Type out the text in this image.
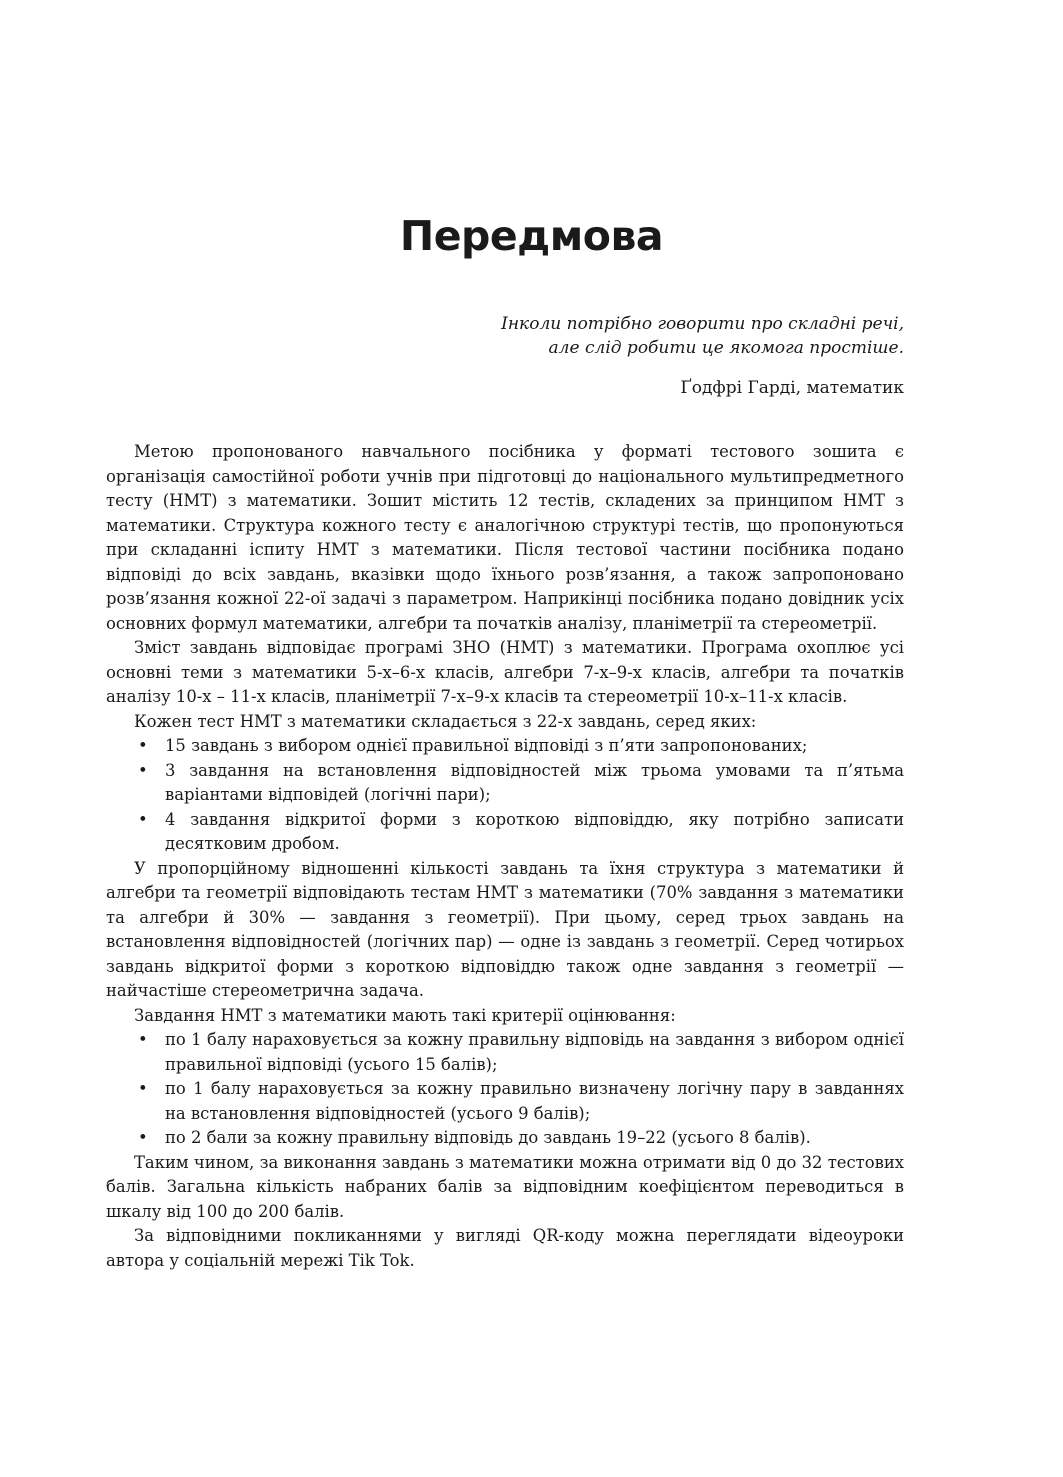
Передмова
Інколи потрібно говорити про складні речі, але слід робити це якомога простіше.
Ґодфрі Гарді, математик

Метою пропонованого навчального посібника у форматі тестового зошита є організація самостійної роботи учнів при підготовці до національного мультипредметного тесту (НМТ) з математики. Зошит містить 12 тестів, складених за принципом НМТ з математики. Структура кожного тесту є аналогічною структурі тестів, що пропонуються при складанні іспиту НМТ з математики. Після тестової частини посібника подано відповіді до всіх завдань, вказівки щодо їхнього розв’язання, а також запропоновано розв’язання кожної 22-ої задачі з параметром. Наприкінці посібника подано довідник усіх основних формул математики, алгебри та початків аналізу, планіметрії та стереометрії.

Зміст завдань відповідає програмі ЗНО (НМТ) з математики. Програма охоплює усі основні теми з математики 5-х–6-х класів, алгебри 7-х–9-х класів, алгебри та початків аналізу 10-х – 11-х класів, планіметрії 7-х–9-х класів та стереометрії 10-х–11-х класів.

Кожен тест НМТ з математики складається з 22-х завдань, серед яких:

• 15 завдань з вибором однієї правильної відповіді з п’яти запропонованих;
• 3 завдання на встановлення відповідностей між трьома умовами та п’ятьма варіантами відповідей (логічні пари);
• 4 завдання відкритої форми з короткою відповіддю, яку потрібно записати десятковим дробом.

У пропорційному відношенні кількості завдань та їхня структура з математики й алгебри та геометрії відповідають тестам НМТ з математики (70% завдання з математики та алгебри й 30% — завдання з геометрії). При цьому, серед трьох завдань на встановлення відповідностей (логічних пар) — одне із завдань з геометрії. Серед чотирьох завдань відкритої форми з короткою відповіддю також одне завдання з геометрії — найчастіше стереометрична задача.

Завдання НМТ з математики мають такі критерії оцінювання:

• по 1 балу нараховується за кожну правильну відповідь на завдання з вибором однієї правильної відповіді (усього 15 балів);
• по 1 балу нараховується за кожну правильно визначену логічну пару в завданнях на встановлення відповідностей (усього 9 балів);
• по 2 бали за кожну правильну відповідь до завдань 19–22 (усього 8 балів).

Таким чином, за виконання завдань з математики можна отримати від 0 до 32 тестових балів. Загальна кількість набраних балів за відповідним коефіцієнтом переводиться в шкалу від 100 до 200 балів.

За відповідними покликаннями у вигляді QR-коду можна переглядати відеоуроки автора у соціальній мережі Tik Tok.
